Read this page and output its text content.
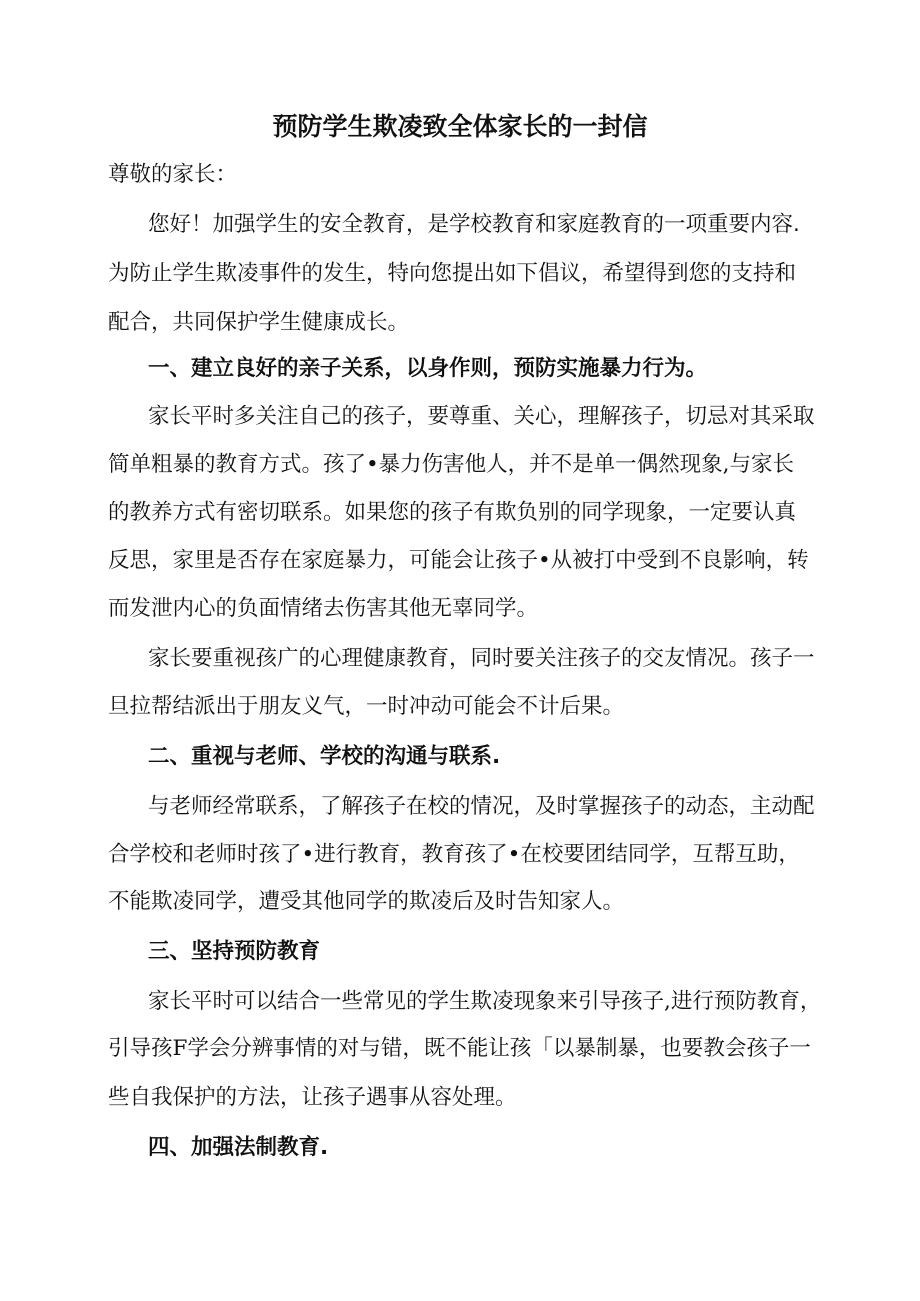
预防学生欺凌致全体家长的一封信

尊敬的家长：

您好！加强学生的安全教育，是学校教育和家庭教育的一项重要内容.

为防止学生欺凌事件的发生，特向您提出如下倡议，希望得到您的支持和

配合，共同保护学生健康成长。

一、建立良好的亲子关系，以身作则，预防实施暴力行为。

家长平时多关注自己的孩子，要尊重、关心，理解孩子，切忌对其采取

简单粗暴的教育方式。孩了•暴力伤害他人，并不是单一偶然现象,与家长

的教养方式有密切联系。如果您的孩子有欺负别的同学现象，一定要认真

反思，家里是否存在家庭暴力，可能会让孩子•从被打中受到不良影响，转

而发泄内心的负面情绪去伤害其他无辜同学。

家长要重视孩广的心理健康教育，同时要关注孩子的交友情况。孩子一

旦拉帮结派出于朋友义气，一时冲动可能会不计后果。

二、重视与老师、学校的沟通与联系.

与老师经常联系，了解孩子在校的情况，及时掌握孩子的动态，主动配

合学校和老师时孩了•进行教育，教育孩了•在校要团结同学，互帮互助，

不能欺凌同学，遭受其他同学的欺凌后及时告知家人。

三、坚持预防教育

家长平时可以结合一些常见的学生欺凌现象来引导孩子,进行预防教育，

引导孩F学会分辨事情的对与错，既不能让孩「以暴制暴，也要教会孩子一

些自我保护的方法，让孩子遇事从容处理。

四、加强法制教育.
